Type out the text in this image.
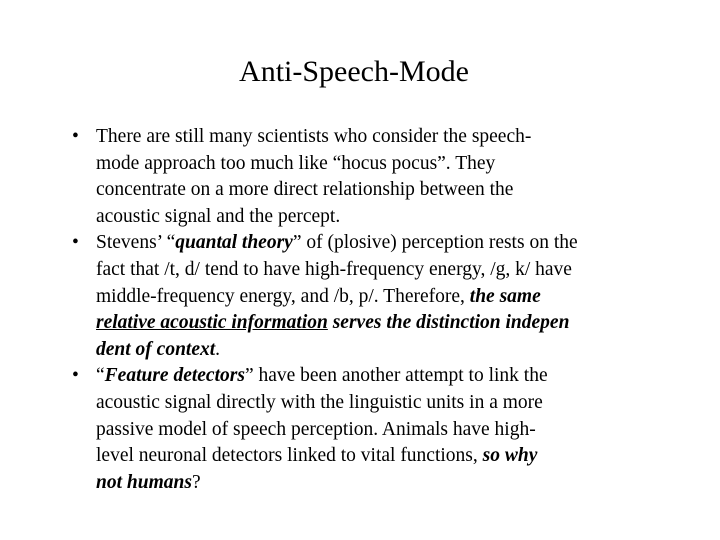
Anti-Speech-Mode
• There are still many scientists who consider the speech-
mode approach too much like “hocus pocus”. They
concentrate on a more direct relationship between the
acoustic signal and the percept.
• Stevens’ “quantal theory” of (plosive) perception rests on the
fact that /t, d/ tend to have high-frequency energy, /g, k/ have
middle-frequency energy, and /b, p/. Therefore, the same
relative acoustic information serves the distinction indepen
dent of context.
• “Feature detectors” have been another attempt to link the
acoustic signal directly with the linguistic units in a more
passive model of speech perception. Animals have high-
level neuronal detectors linked to vital functions, so why
not humans?
